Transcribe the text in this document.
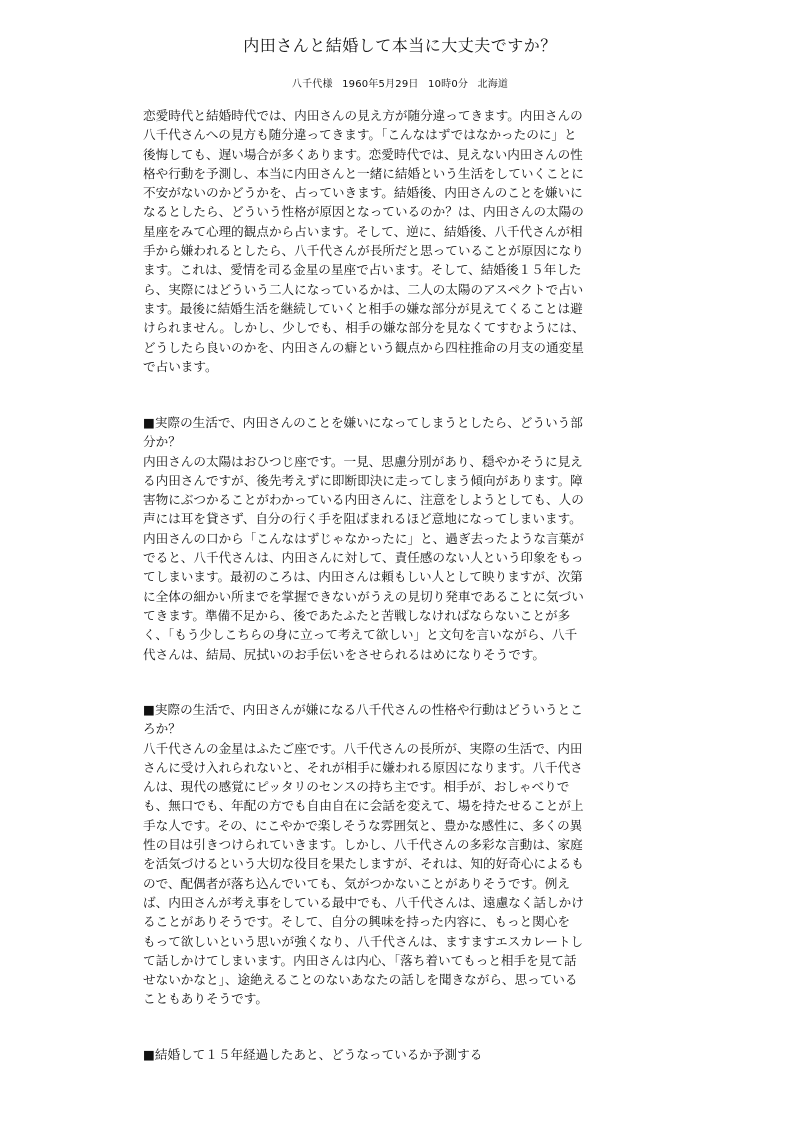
内田さんと結婚して本当に大丈夫ですか？
八千代様 1960年5月29日 10時0分 北海道
恋愛時代と結婚時代では、内田さんの見え方が随分違ってきます。内田さんの
八千代さんへの見方も随分違ってきます。「こんなはずではなかったのに」と
後悔しても、遅い場合が多くあります。恋愛時代では、見えない内田さんの性
格や行動を予測し、本当に内田さんと一緒に結婚という生活をしていくことに
不安がないのかどうかを、占っていきます。結婚後、内田さんのことを嫌いに
なるとしたら、どういう性格が原因となっているのか？は、内田さんの太陽の
星座をみて心理的観点から占います。そして、逆に、結婚後、八千代さんが相
手から嫌われるとしたら、八千代さんが長所だと思っていることが原因になり
ます。これは、愛情を司る金星の星座で占います。そして、結婚後１５年した
ら、実際にはどういう二人になっているかは、二人の太陽のアスペクトで占い
ます。最後に結婚生活を継続していくと相手の嫌な部分が見えてくることは避
けられません。しかし、少しでも、相手の嫌な部分を見なくてすむようには、
どうしたら良いのかを、内田さんの癖という観点から四柱推命の月支の通変星
で占います。
■実際の生活で、内田さんのことを嫌いになってしまうとしたら、どういう部
分か？
内田さんの太陽はおひつじ座です。一見、思慮分別があり、穏やかそうに見え
る内田さんですが、後先考えずに即断即決に走ってしまう傾向があります。障
害物にぶつかることがわかっている内田さんに、注意をしようとしても、人の
声には耳を貸さず、自分の行く手を阻ばまれるほど意地になってしまいます。
内田さんの口から「こんなはずじゃなかったに」と、過ぎ去ったような言葉が
でると、八千代さんは、内田さんに対して、責任感のない人という印象をもっ
てしまいます。最初のころは、内田さんは頼もしい人として映りますが、次第
に全体の細かい所までを掌握できないがうえの見切り発車であることに気づい
てきます。準備不足から、後であたふたと苦戦しなければならないことが多
く、「もう少しこちらの身に立って考えて欲しい」と文句を言いながら、八千
代さんは、結局、尻拭いのお手伝いをさせられるはめになりそうです。
■実際の生活で、内田さんが嫌になる八千代さんの性格や行動はどういうとこ
ろか？
八千代さんの金星はふたご座です。八千代さんの長所が、実際の生活で、内田
さんに受け入れられないと、それが相手に嫌われる原因になります。八千代さ
んは、現代の感覚にピッタリのセンスの持ち主です。相手が、おしゃべりで
も、無口でも、年配の方でも自由自在に会話を変えて、場を持たせることが上
手な人です。その、にこやかで楽しそうな雰囲気と、豊かな感性に、多くの異
性の目は引きつけられていきます。しかし、八千代さんの多彩な言動は、家庭
を活気づけるという大切な役目を果たしますが、それは、知的好奇心によるも
ので、配偶者が落ち込んでいても、気がつかないことがありそうです。例え
ば、内田さんが考え事をしている最中でも、八千代さんは、遠慮なく話しかけ
ることがありそうです。そして、自分の興味を持った内容に、もっと関心を
もって欲しいという思いが強くなり、八千代さんは、ますますエスカレートし
て話しかけてしまいます。内田さんは内心、「落ち着いてもっと相手を見て話
せないかなと」、途絶えることのないあなたの話しを聞きながら、思っている
こともありそうです。
■結婚して１５年経過したあと、どうなっているか予測する
